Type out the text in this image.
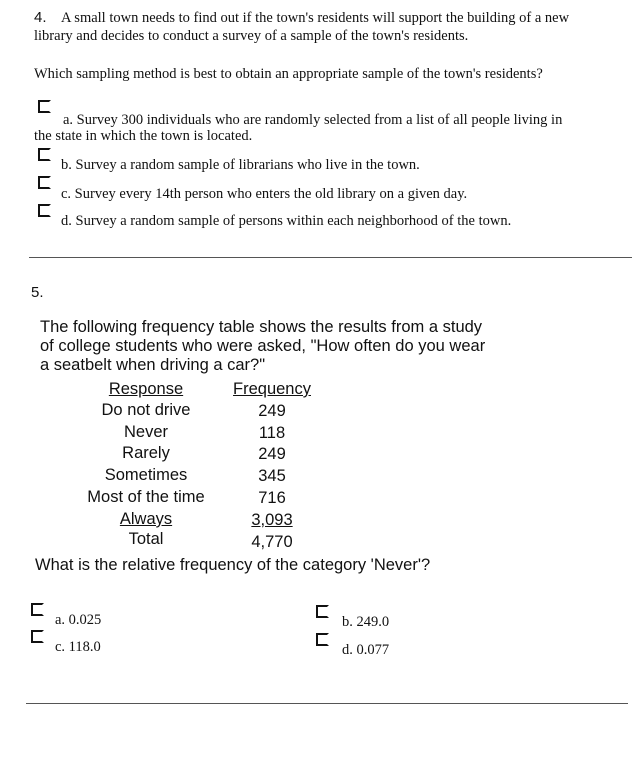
4. A small town needs to find out if the town's residents will support the building of a new
library and decides to conduct a survey of a sample of the town's residents.
Which sampling method is best to obtain an appropriate sample of the town's residents?
a. Survey 300 individuals who are randomly selected from a list of all people living in
the state in which the town is located.
b. Survey a random sample of librarians who live in the town.
c. Survey every 14th person who enters the old library on a given day.
d. Survey a random sample of persons within each neighborhood of the town.
5.
The following frequency table shows the results from a study
of college students who were asked, "How often do you wear
a seatbelt when driving a car?"
Response	Frequency
Do not drive	249
Never	118
Rarely	249
Sometimes	345
Most of the time	716
Always	3,093
Total	4,770
What is the relative frequency of the category 'Never'?
a. 0.025	b. 249.0
c. 118.0	d. 0.077
